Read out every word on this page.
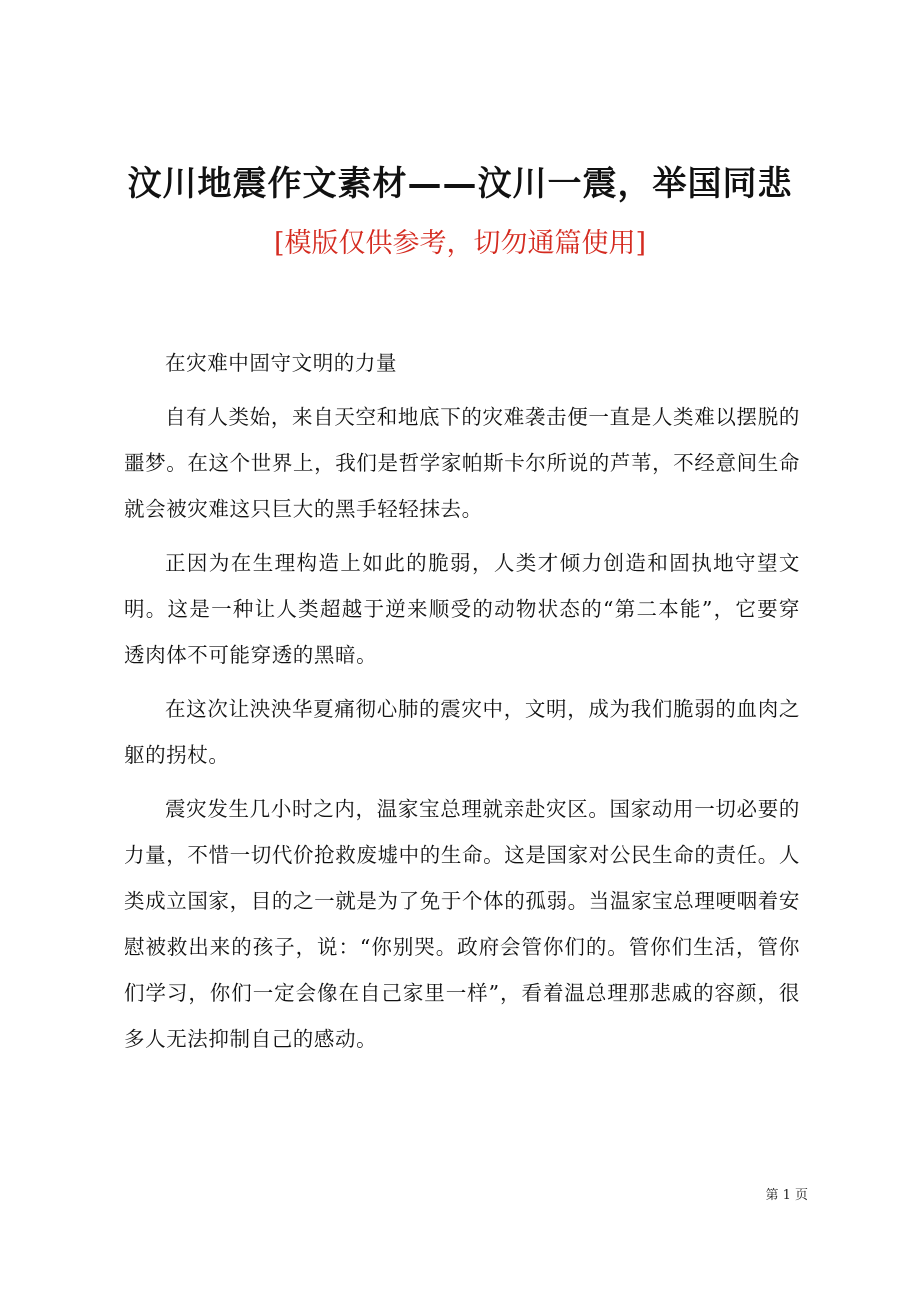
汶川地震作文素材——汶川一震，举国同悲
[模版仅供参考，切勿通篇使用]

在灾难中固守文明的力量

自有人类始，来自天空和地底下的灾难袭击便一直是人类难以摆脱的噩梦。在这个世界上，我们是哲学家帕斯卡尔所说的芦苇，不经意间生命就会被灾难这只巨大的黑手轻轻抹去。

正因为在生理构造上如此的脆弱，人类才倾力创造和固执地守望文明。这是一种让人类超越于逆来顺受的动物状态的“第二本能”，它要穿透肉体不可能穿透的黑暗。

在这次让泱泱华夏痛彻心肺的震灾中，文明，成为我们脆弱的血肉之躯的拐杖。

震灾发生几小时之内，温家宝总理就亲赴灾区。国家动用一切必要的力量，不惜一切代价抢救废墟中的生命。这是国家对公民生命的责任。人类成立国家，目的之一就是为了免于个体的孤弱。当温家宝总理哽咽着安慰被救出来的孩子，说：“你别哭。政府会管你们的。管你们生活，管你们学习，你们一定会像在自己家里一样”，看着温总理那悲戚的容颜，很多人无法抑制自己的感动。

第 1 页
